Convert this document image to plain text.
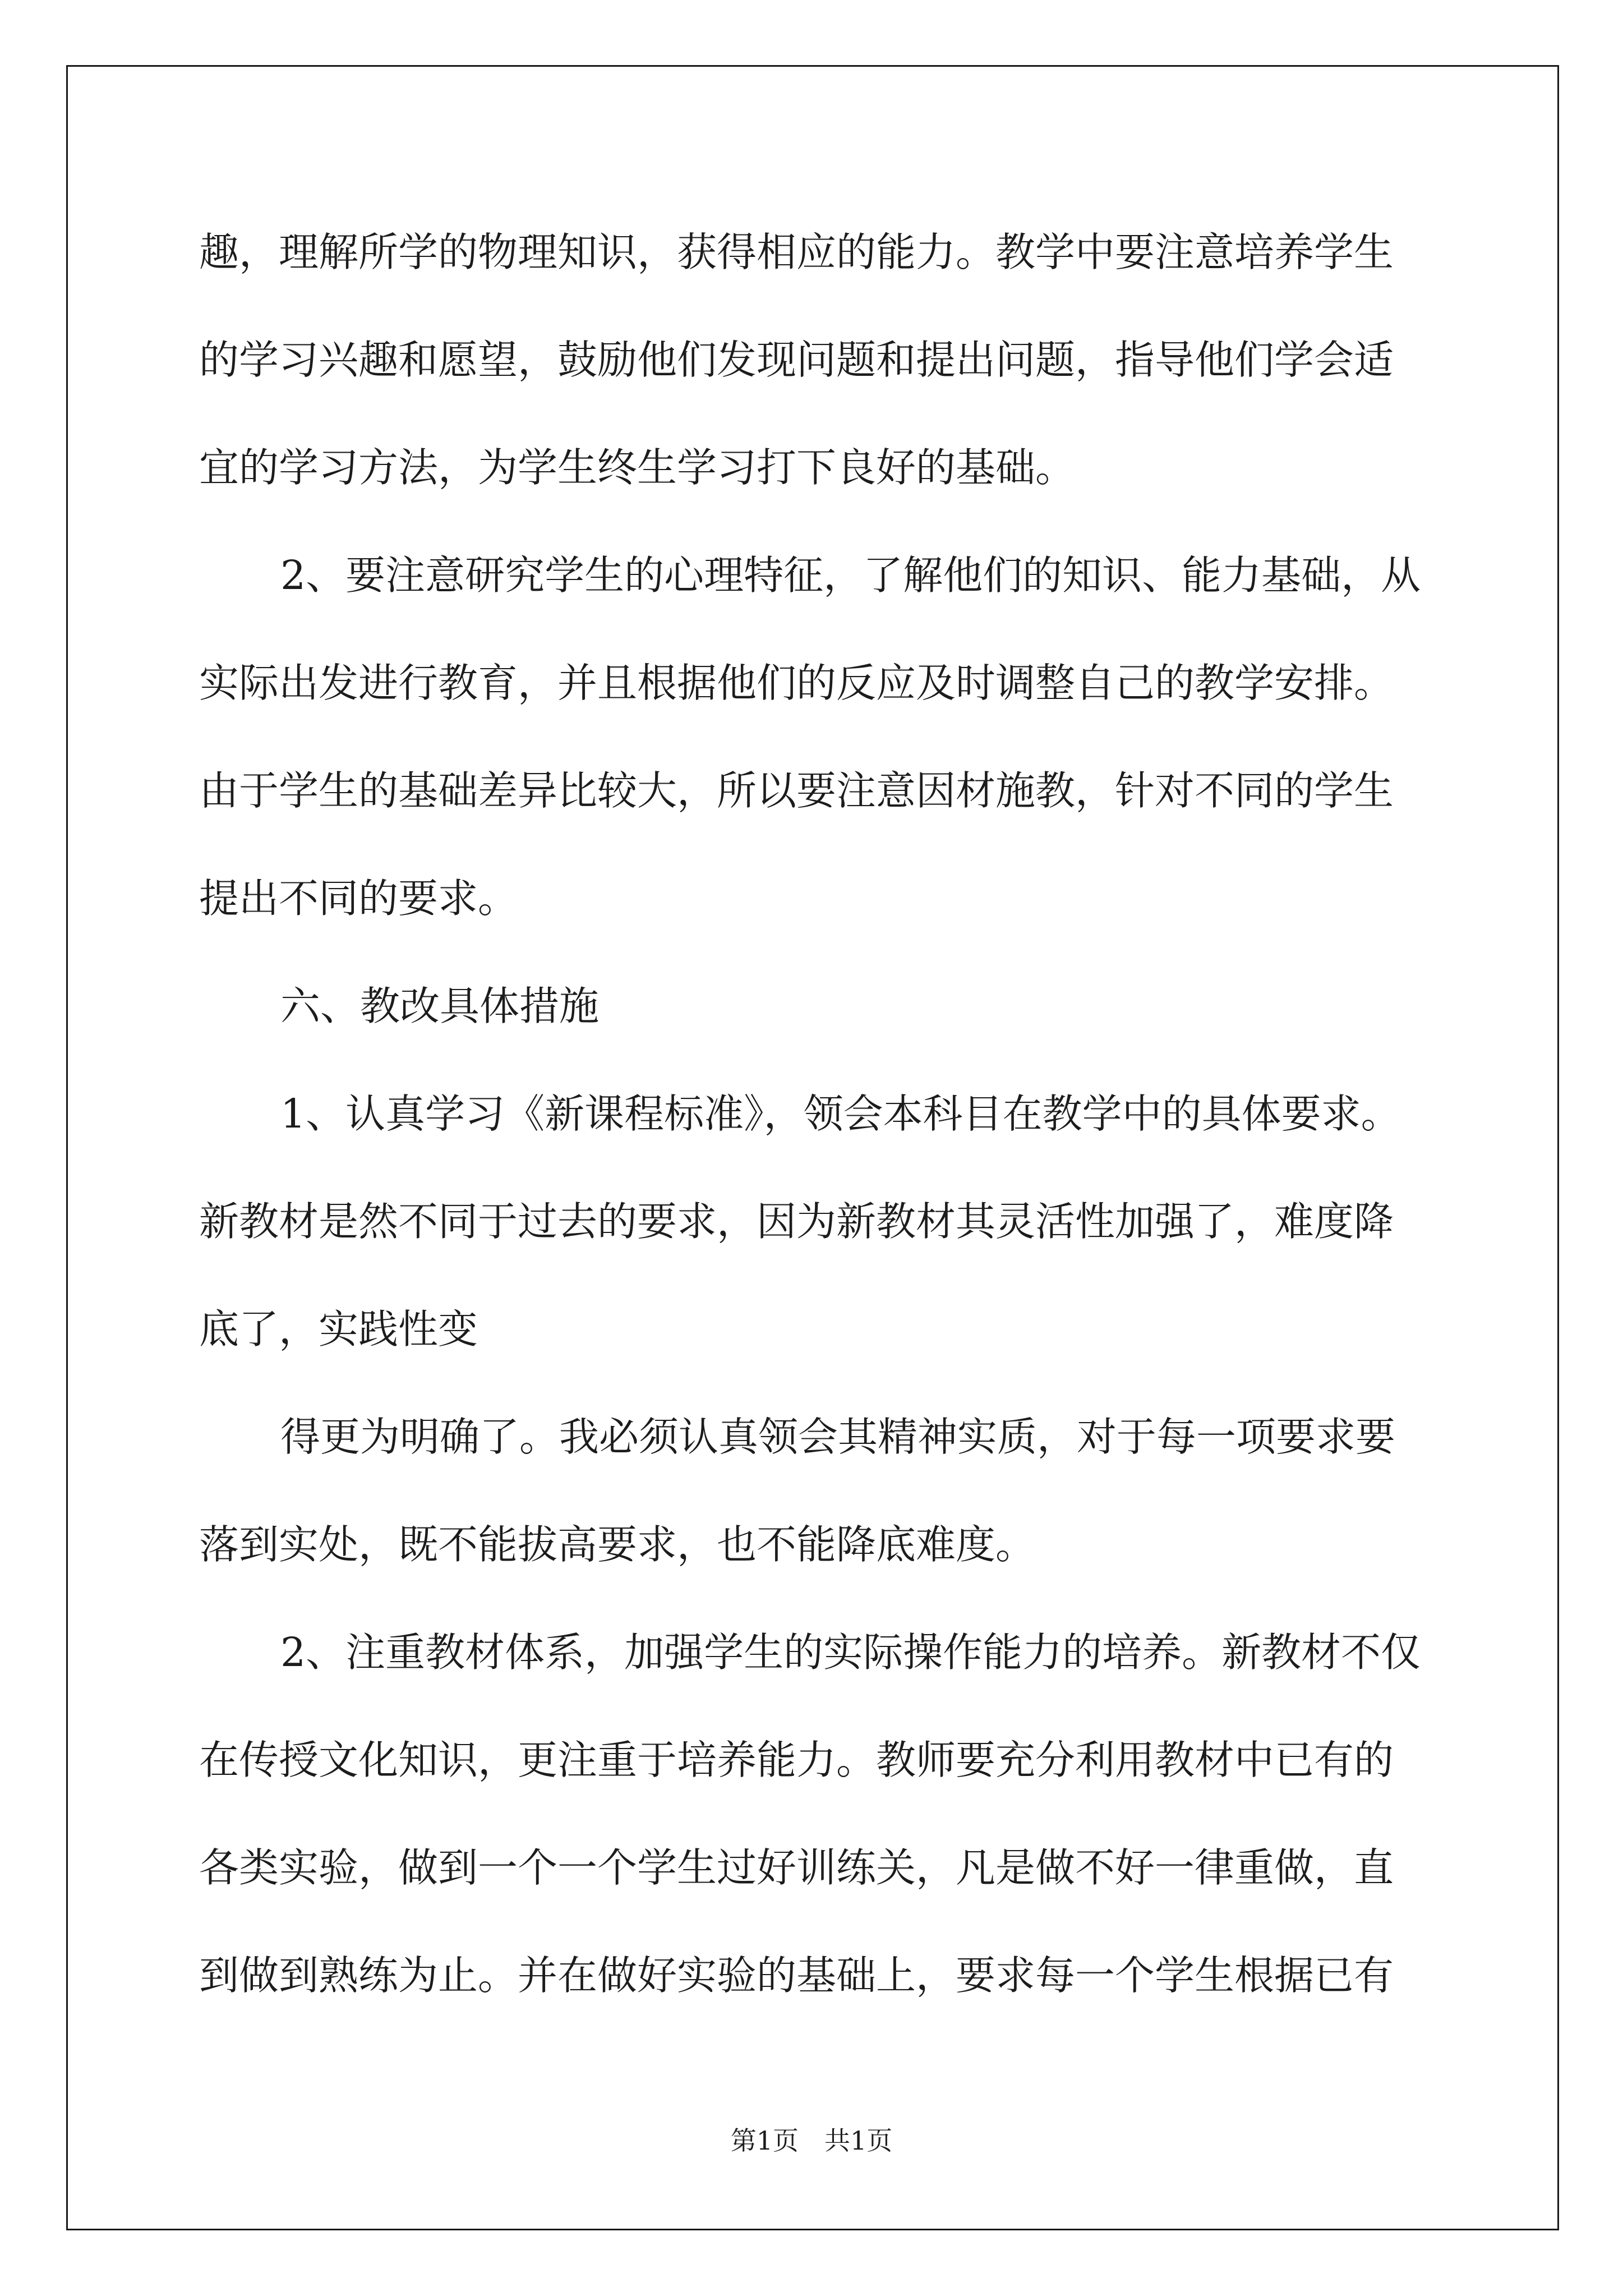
趣，理解所学的物理知识，获得相应的能力。教学中要注意培养学生
的学习兴趣和愿望，鼓励他们发现问题和提出问题，指导他们学会适
宜的学习方法，为学生终生学习打下良好的基础。
2、要注意研究学生的心理特征，了解他们的知识、能力基础，从
实际出发进行教育，并且根据他们的反应及时调整自己的教学安排。
由于学生的基础差异比较大，所以要注意因材施教，针对不同的学生
提出不同的要求。
六、教改具体措施
1、认真学习《新课程标准》，领会本科目在教学中的具体要求。
新教材是然不同于过去的要求，因为新教材其灵活性加强了，难度降
底了，实践性变
得更为明确了。我必须认真领会其精神实质，对于每一项要求要
落到实处，既不能拔高要求，也不能降底难度。
2、注重教材体系，加强学生的实际操作能力的培养。新教材不仅
在传授文化知识，更注重于培养能力。教师要充分利用教材中已有的
各类实验，做到一个一个学生过好训练关，凡是做不好一律重做，直
到做到熟练为止。并在做好实验的基础上，要求每一个学生根据已有
第1页　共1页
